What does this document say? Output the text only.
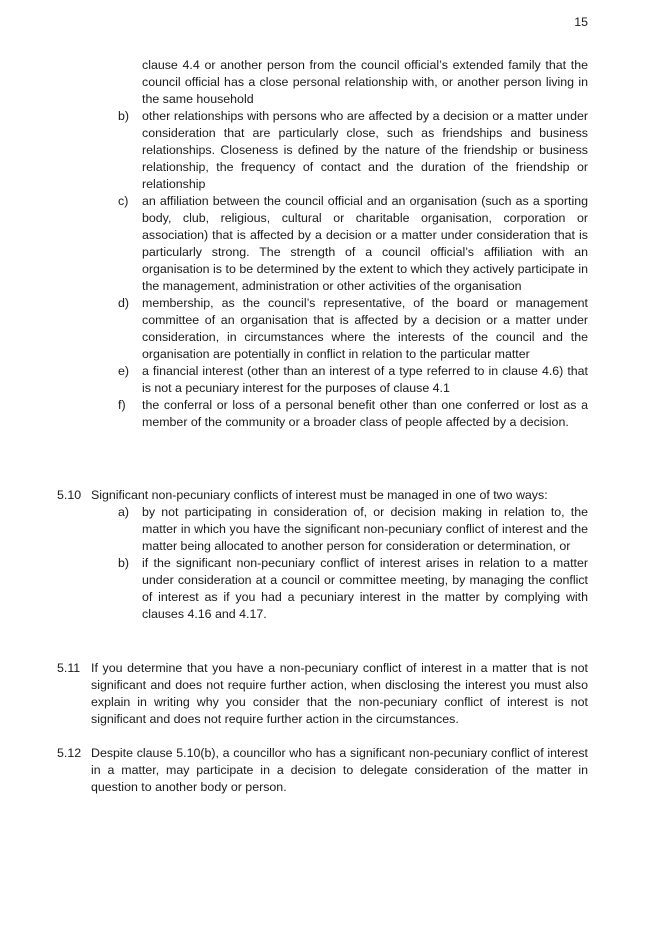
15
clause 4.4 or another person from the council official’s extended family that the council official has a close personal relationship with, or another person living in the same household
b)	other relationships with persons who are affected by a decision or a matter under consideration that are particularly close, such as friendships and business relationships. Closeness is defined by the nature of the friendship or business relationship, the frequency of contact and the duration of the friendship or relationship
c)	an affiliation between the council official and an organisation (such as a sporting body, club, religious, cultural or charitable organisation, corporation or association) that is affected by a decision or a matter under consideration that is particularly strong. The strength of a council official’s affiliation with an organisation is to be determined by the extent to which they actively participate in the management, administration or other activities of the organisation
d)	membership, as the council’s representative, of the board or management committee of an organisation that is affected by a decision or a matter under consideration, in circumstances where the interests of the council and the organisation are potentially in conflict in relation to the particular matter
e)	a financial interest (other than an interest of a type referred to in clause 4.6) that is not a pecuniary interest for the purposes of clause 4.1
f)	the conferral or loss of a personal benefit other than one conferred or lost as a member of the community or a broader class of people affected by a decision.
5.10 Significant non-pecuniary conflicts of interest must be managed in one of two ways:
a)	by not participating in consideration of, or decision making in relation to, the matter in which you have the significant non-pecuniary conflict of interest and the matter being allocated to another person for consideration or determination, or
b)	if the significant non-pecuniary conflict of interest arises in relation to a matter under consideration at a council or committee meeting, by managing the conflict of interest as if you had a pecuniary interest in the matter by complying with clauses 4.16 and 4.17.
5.11 If you determine that you have a non-pecuniary conflict of interest in a matter that is not significant and does not require further action, when disclosing the interest you must also explain in writing why you consider that the non-pecuniary conflict of interest is not significant and does not require further action in the circumstances.
5.12 Despite clause 5.10(b), a councillor who has a significant non-pecuniary conflict of interest in a matter, may participate in a decision to delegate consideration of the matter in question to another body or person.
